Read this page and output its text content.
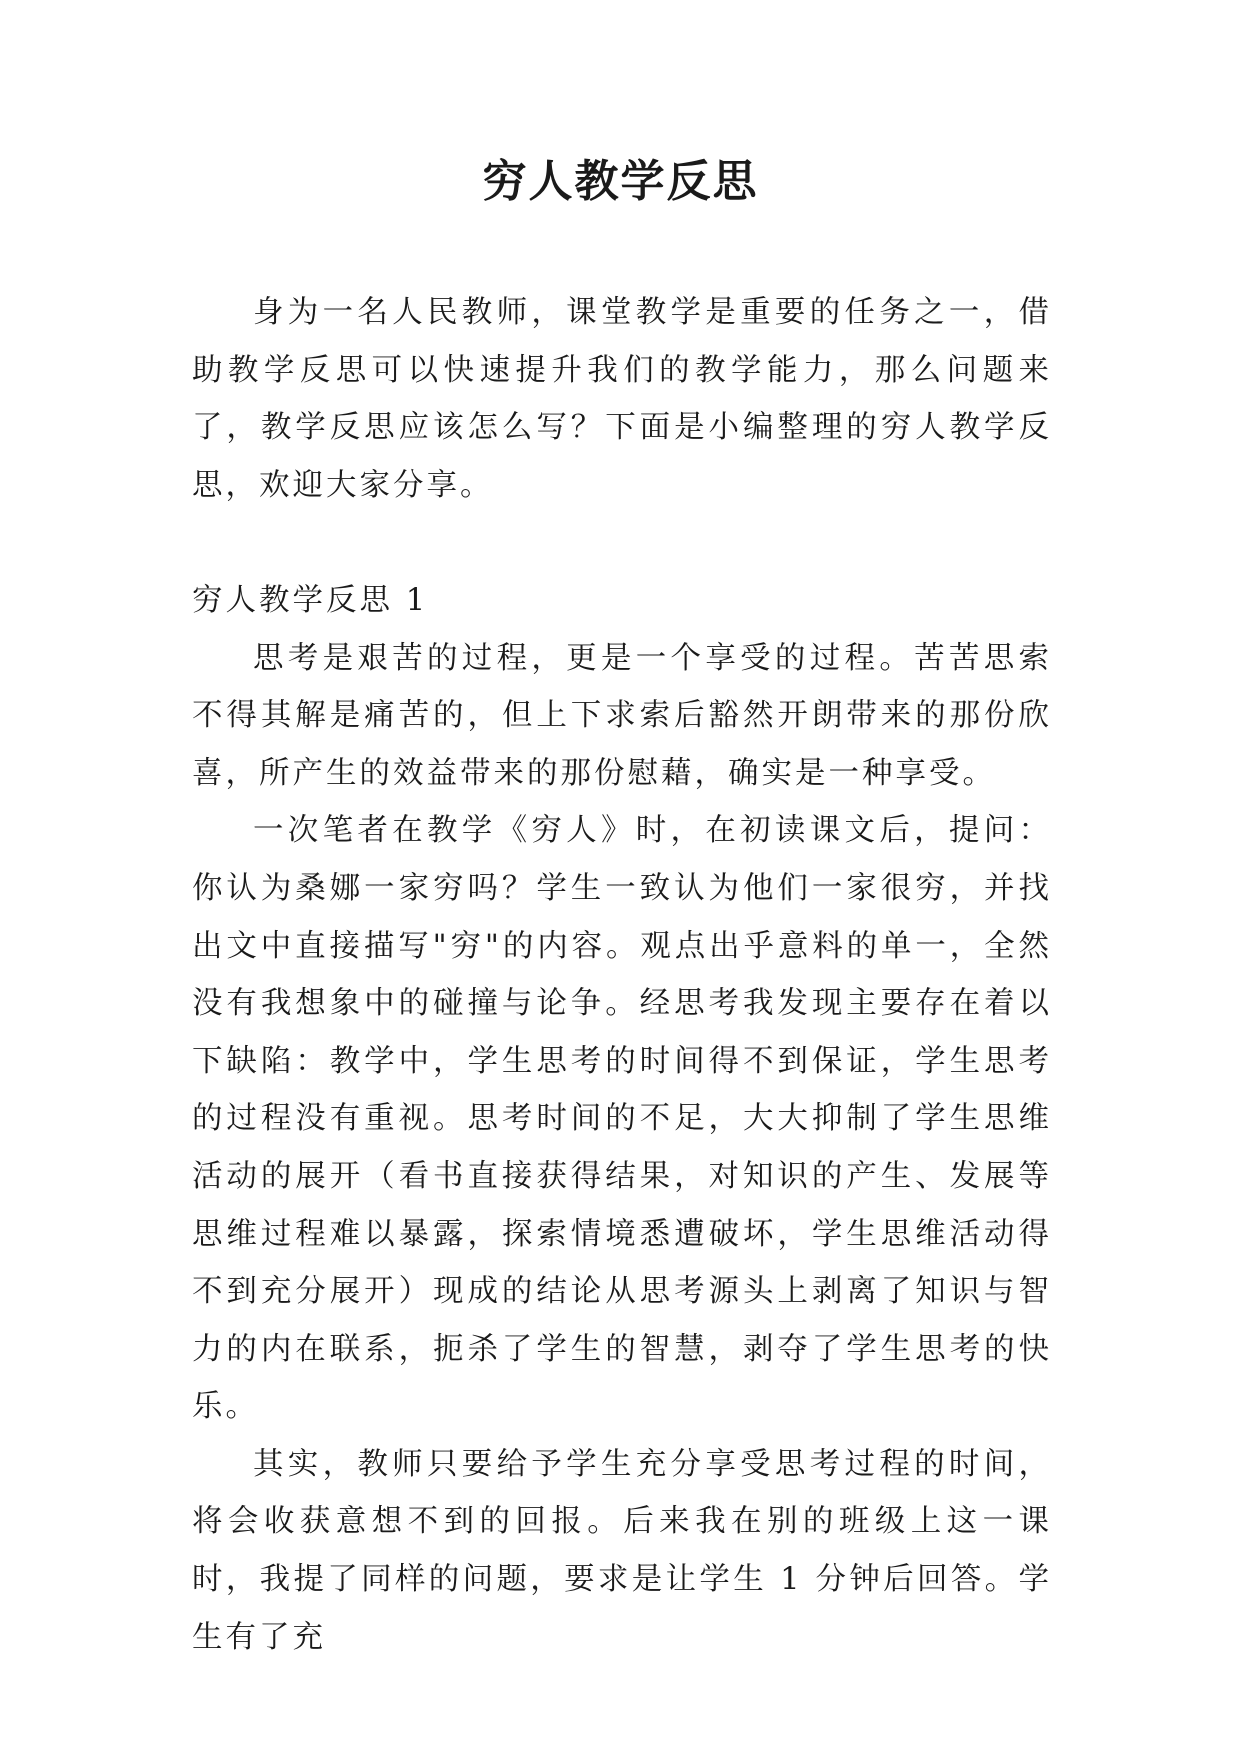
穷人教学反思

身为一名人民教师，课堂教学是重要的任务之一，借助教学反思可以快速提升我们的教学能力，那么问题来了，教学反思应该怎么写？下面是小编整理的穷人教学反思，欢迎大家分享。

穷人教学反思 1

思考是艰苦的过程，更是一个享受的过程。苦苦思索不得其解是痛苦的，但上下求索后豁然开朗带来的那份欣喜，所产生的效益带来的那份慰藉，确实是一种享受。

一次笔者在教学《穷人》时，在初读课文后，提问：你认为桑娜一家穷吗？学生一致认为他们一家很穷，并找出文中直接描写"穷"的内容。观点出乎意料的单一，全然没有我想象中的碰撞与论争。经思考我发现主要存在着以下缺陷：教学中，学生思考的时间得不到保证，学生思考的过程没有重视。思考时间的不足，大大抑制了学生思维活动的展开（看书直接获得结果，对知识的产生、发展等思维过程难以暴露，探索情境悉遭破坏，学生思维活动得不到充分展开）现成的结论从思考源头上剥离了知识与智力的内在联系，扼杀了学生的智慧，剥夺了学生思考的快乐。

其实，教师只要给予学生充分享受思考过程的时间，将会收获意想不到的回报。后来我在别的班级上这一课时，我提了同样的问题，要求是让学生 1 分钟后回答。学生有了充
